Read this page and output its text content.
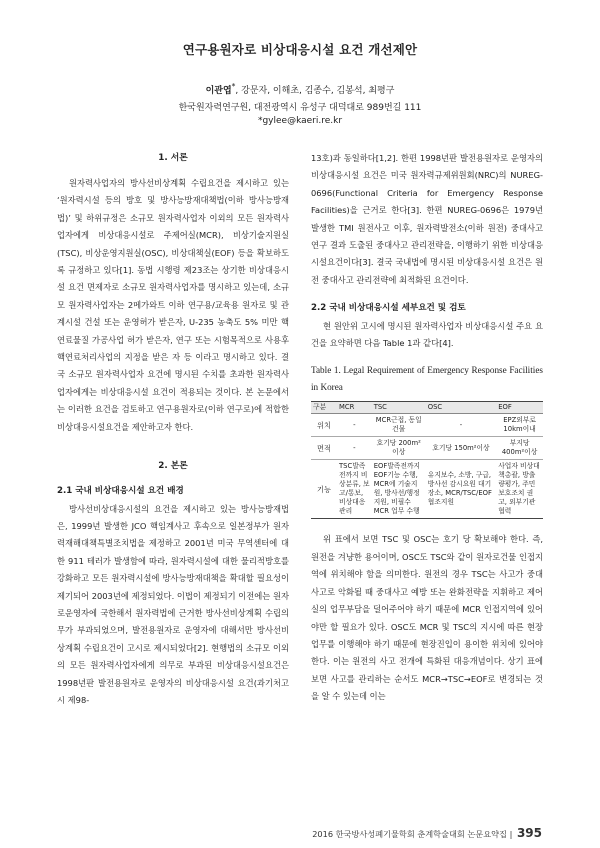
연구용원자로 비상대응시설 요건 개선제안
이관엽*, 강문자, 이해초, 김종수, 김봉석, 최평구
한국원자력연구원, 대전광역시 유성구 대덕대로 989번길 111
*gylee@kaeri.re.kr

1. 서론

원자력사업자의 방사선비상계획 수립요건을 제시하고 있는 ‘원자력시설 등의 방호 및 방사능방재대책법(이하 방사능방재법)’ 및 하위규정은 소규모 원자력사업자 이외의 모든 원자력사업자에게 비상대응시설로 주제어실(MCR), 비상기술지원실(TSC), 비상운영지원실(OSC), 비상대책실(EOF) 등을 확보하도록 규정하고 있다[1]. 동법 시행령 제23조는 상기한 비상대응시설 요건 면제자로 소규모 원자력사업자를 명시하고 있는데, 소규모 원자력사업자는 2메가와트 이하 연구용/교육용 원자로 및 관계시설 건설 또는 운영허가 받은자, U-235 농축도 5% 미만 핵연료물질 가공사업 허가 받은자, 연구 또는 시험목적으로 사용후핵연료처리사업의 지정을 받은 자 등 이라고 명시하고 있다. 결국 소규모 원자력사업자 요건에 명시된 수치를 초과한 원자력사업자에게는 비상대응시설 요건이 적용되는 것이다. 본 논문에서는 이러한 요건을 검토하고 연구용원자로(이하 연구로)에 적합한 비상대응시설요건을 제안하고자 한다.

2. 본론

2.1 국내 비상대응시설 요건 배경

방사선비상대응시설의 요건을 제시하고 있는 방사능방재법은, 1999년 발생한 JCO 핵임계사고 후속으로 일본정부가 원자력재해대책특별조치법을 제정하고 2001년 미국 무역센터에 대한 911 테러가 발생함에 따라, 원자력시설에 대한 물리적방호를 강화하고 모든 원자력시설에 방사능방재대책을 확대할 필요성이 제기되어 2003년에 제정되었다. 이법이 제정되기 이전에는 원자로운영자에 국한해서 원자력법에 근거한 방사선비상계획 수립의무가 부과되었으며, 발전용원자로 운영자에 대해서만 방사선비상계획 수립요건이 고시로 제시되었다[2]. 현행법의 소규모 이외의 모든 원자력사업자에게 의무로 부과된 비상대응시설요건은 1998년판 발전용원자로 운영자의 비상대응시설 요건(과기처고시 제98-

13호)과 동일하다[1,2]. 한편 1998년판 발전용원자로 운영자의 비상대응시설 요건은 미국 원자력규제위원회(NRC)의 NUREG-0696(Functional Criteria for Emergency Response Facilities)을 근거로 한다[3]. 한편 NUREG-0696은 1979년 발생한 TMI 원전사고 이후, 원자력발전소(이하 원전) 중대사고 연구 결과 도출된 중대사고 관리전략을, 이행하기 위한 비상대응시설요건이다[3]. 결국 국내법에 명시된 비상대응시설 요건은 원전 중대사고 관리전략에 최적화된 요건이다.

2.2 국내 비상대응시설 세부요건 및 검토

현 원안위 고시에 명시된 원자력사업자 비상대응시설 주요 요건을 요약하면 다음 Table 1과 같다[4].

Table 1. Legal Requirement of Emergency Response Facilities in Korea

구분	MCR	TSC	OSC	EOF
위치	-	MCR근접, 동일건물	-	EPZ외부로 10km이내
면적	-	호기당 200m²이상	호기당 150m²이상	부지당 400m²이상
기능	TSC발족전까지 비상분류, 보고/통보, 비상대응관리	EOF발족전까지 EOF기능 수행, MCR에 기술지원, 방사선/행정지원, 비필수MCR 업무 수행	유지보수, 소방, 구급, 방사선 감시요원 대기장소, MCR/TSC/EOF 협조지원	사업자 비상대책총괄, 방출량평가, 주민보호조치 권고, 외부기관 협력

위 표에서 보면 TSC 및 OSC는 호기 당 확보해야 한다. 즉, 원전을 겨냥한 용어이며, OSC도 TSC와 같이 원자로건물 인접지역에 위치해야 함을 의미한다. 원전의 경우 TSC는 사고가 중대사고로 악화될 때 중대사고 예방 또는 완화전략을 지휘하고 제어실의 업무부담을 덜어주어야 하기 때문에 MCR 인접지역에 있어야만 할 필요가 있다. OSC도 MCR 및 TSC의 지시에 따른 현장업무를 이행해야 하기 때문에 현장진입이 용이한 위치에 있어야 한다. 이는 원전의 사고 전개에 특화된 대응개념이다. 상기 표에 보면 사고를 관리하는 순서도 MCR→TSC→EOF로 변경되는 것을 알 수 있는데 이는

2016 한국방사성폐기물학회 춘계학술대회 논문요약집 | 395
